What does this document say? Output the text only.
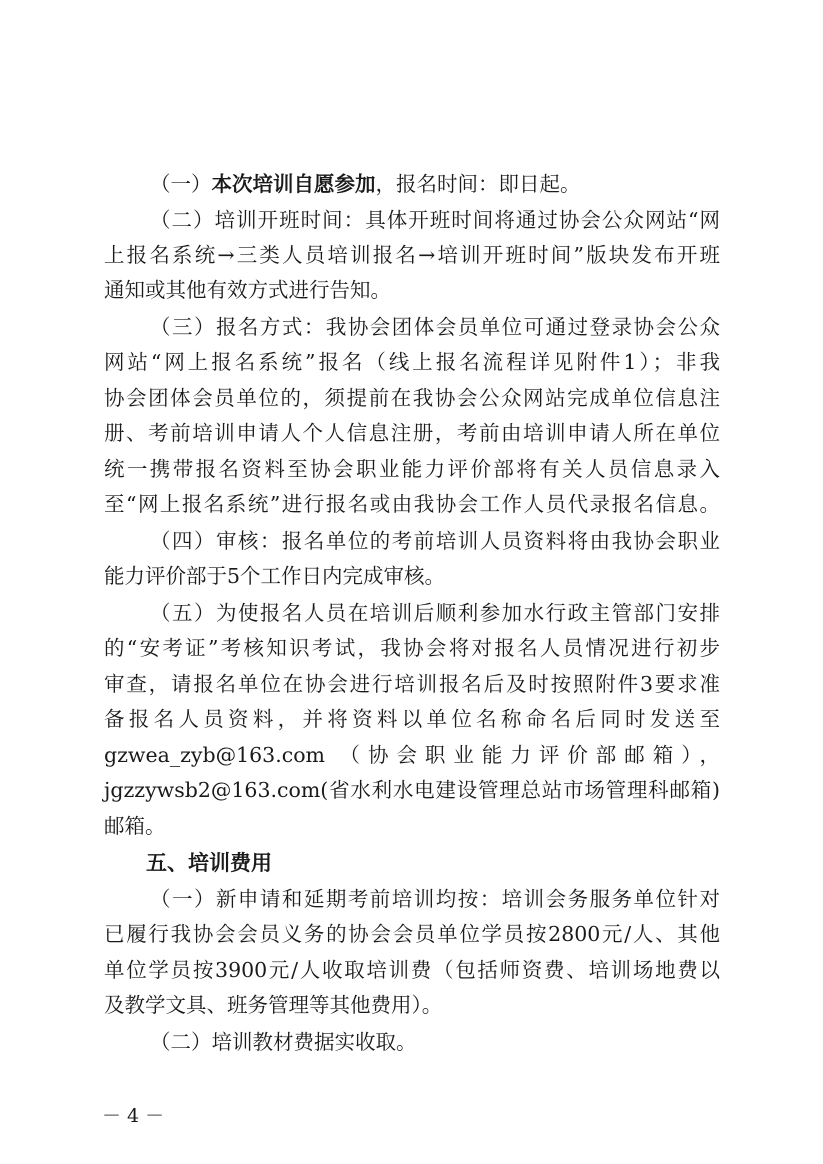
（一）本次培训自愿参加，报名时间：即日起。
（二）培训开班时间：具体开班时间将通过协会公众网站“网
上报名系统→三类人员培训报名→培训开班时间”版块发布开班
通知或其他有效方式进行告知。
（三）报名方式：我协会团体会员单位可通过登录协会公众
网站“网上报名系统”报名（线上报名流程详见附件1）；非我
协会团体会员单位的，须提前在我协会公众网站完成单位信息注
册、考前培训申请人个人信息注册，考前由培训申请人所在单位
统一携带报名资料至协会职业能力评价部将有关人员信息录入
至“网上报名系统”进行报名或由我协会工作人员代录报名信息。
（四）审核：报名单位的考前培训人员资料将由我协会职业
能力评价部于5个工作日内完成审核。
（五）为使报名人员在培训后顺利参加水行政主管部门安排
的“安考证”考核知识考试，我协会将对报名人员情况进行初步
审查，请报名单位在协会进行培训报名后及时按照附件3要求准
备报名人员资料，并将资料以单位名称命名后同时发送至
gzwea_zyb@163.com （协会职业能力评价部邮箱），
jgzzywsb2@163.com(省水利水电建设管理总站市场管理科邮箱)
邮箱。
五、培训费用
（一）新申请和延期考前培训均按：培训会务服务单位针对
已履行我协会会员义务的协会会员单位学员按2800元/人、其他
单位学员按3900元/人收取培训费（包括师资费、培训场地费以
及教学文具、班务管理等其他费用）。
（二）培训教材费据实收取。
－ 4 －
